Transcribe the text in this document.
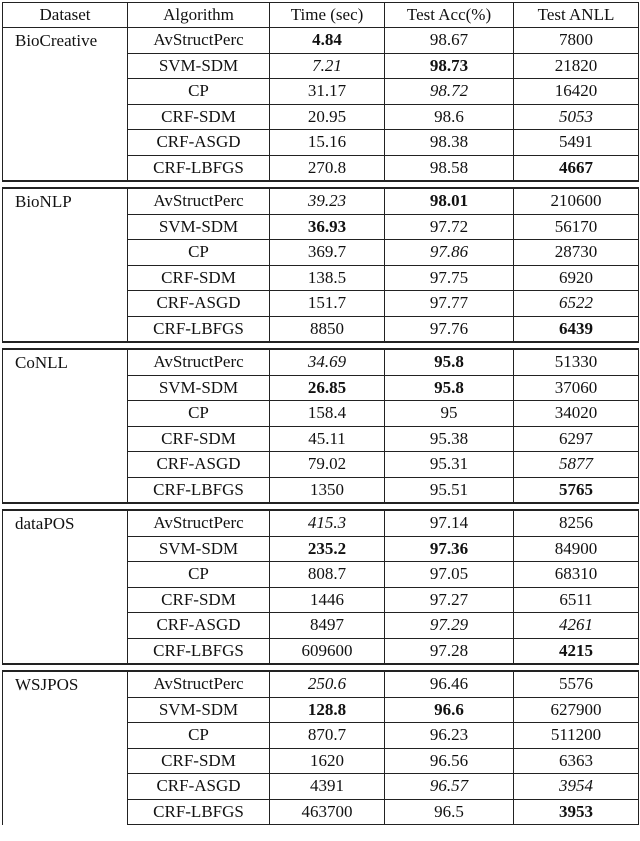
Dataset	Algorithm	Time (sec)	Test Acc(%)	Test ANLL
BioCreative	AvStructPerc	4.84	98.67	7800
	SVM-SDM	7.21	98.73	21820
	CP	31.17	98.72	16420
	CRF-SDM	20.95	98.6	5053
	CRF-ASGD	15.16	98.38	5491
	CRF-LBFGS	270.8	98.58	4667

BioNLP	AvStructPerc	39.23	98.01	210600
	SVM-SDM	36.93	97.72	56170
	CP	369.7	97.86	28730
	CRF-SDM	138.5	97.75	6920
	CRF-ASGD	151.7	97.77	6522
	CRF-LBFGS	8850	97.76	6439

CoNLL	AvStructPerc	34.69	95.8	51330
	SVM-SDM	26.85	95.8	37060
	CP	158.4	95	34020
	CRF-SDM	45.11	95.38	6297
	CRF-ASGD	79.02	95.31	5877
	CRF-LBFGS	1350	95.51	5765

dataPOS	AvStructPerc	415.3	97.14	8256
	SVM-SDM	235.2	97.36	84900
	CP	808.7	97.05	68310
	CRF-SDM	1446	97.27	6511
	CRF-ASGD	8497	97.29	4261
	CRF-LBFGS	609600	97.28	4215

WSJPOS	AvStructPerc	250.6	96.46	5576
	SVM-SDM	128.8	96.6	627900
	CP	870.7	96.23	511200
	CRF-SDM	1620	96.56	6363
	CRF-ASGD	4391	96.57	3954
	CRF-LBFGS	463700	96.5	3953
